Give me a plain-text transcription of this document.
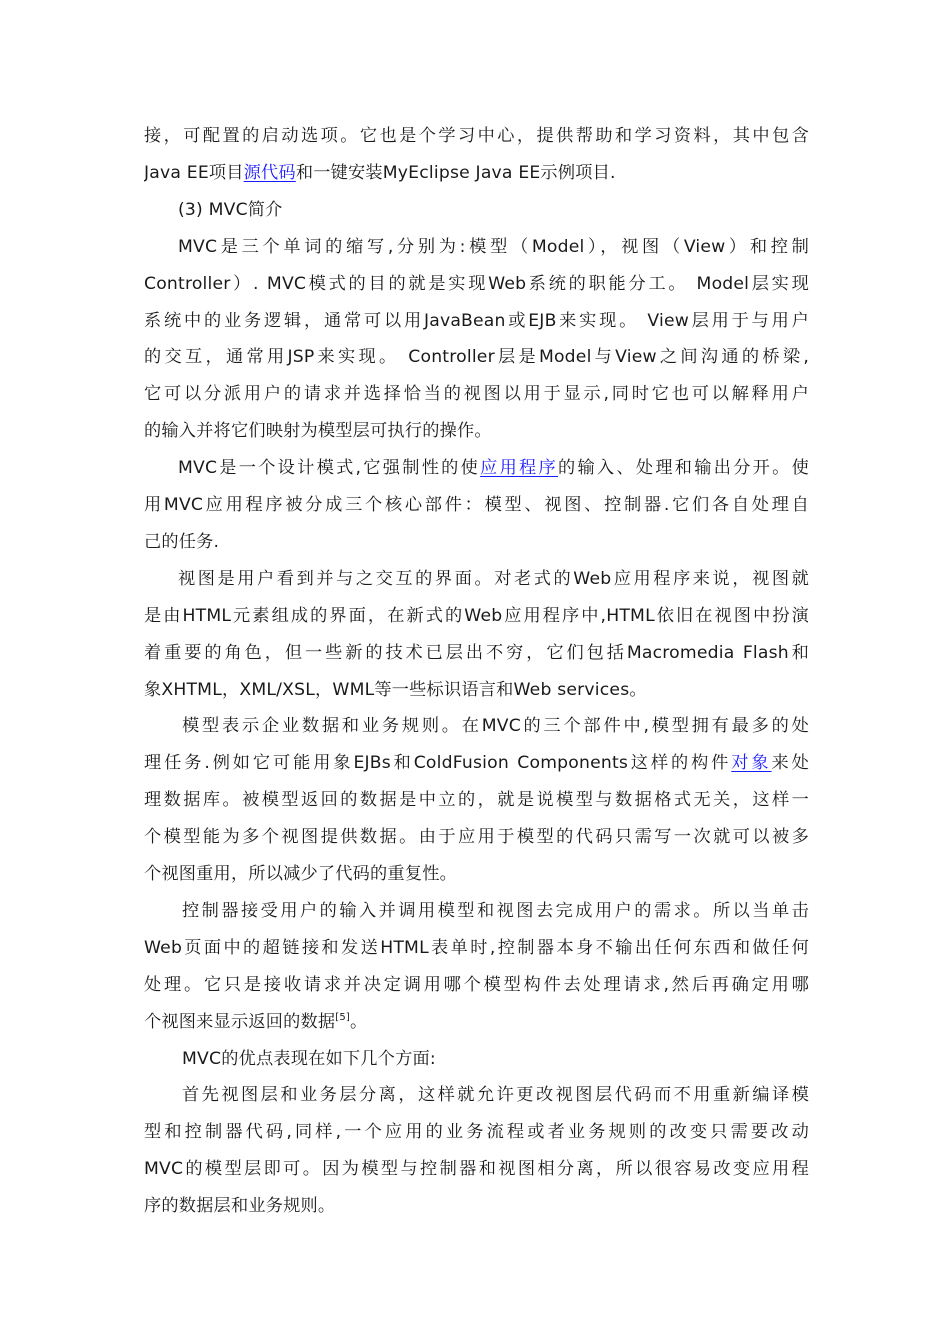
接，可配置的启动选项。它也是个学习中心，提供帮助和学习资料，其中包含
Java EE项目源代码和一键安装MyEclipse Java EE示例项目.
(3) MVC简介
MVC是三个单词的缩写,分别为:模型（Model），视图（View）和控制
Controller）. MVC模式的目的就是实现Web系统的职能分工。 Model层实现
系统中的业务逻辑，通常可以用JavaBean或EJB来实现。 View层用于与用户
的交互，通常用JSP来实现。 Controller层是Model与View之间沟通的桥梁,
它可以分派用户的请求并选择恰当的视图以用于显示,同时它也可以解释用户
的输入并将它们映射为模型层可执行的操作。
MVC是一个设计模式,它强制性的使应用程序的输入、处理和输出分开。使
用MVC应用程序被分成三个核心部件：模型、视图、控制器.它们各自处理自
己的任务.
视图是用户看到并与之交互的界面。对老式的Web应用程序来说，视图就
是由HTML元素组成的界面，在新式的Web应用程序中,HTML依旧在视图中扮演
着重要的角色，但一些新的技术已层出不穷，它们包括Macromedia Flash和
象XHTML，XML/XSL，WML等一些标识语言和Web services。
模型表示企业数据和业务规则。在MVC的三个部件中,模型拥有最多的处
理任务.例如它可能用象EJBs和ColdFusion Components这样的构件对象来处
理数据库。被模型返回的数据是中立的，就是说模型与数据格式无关，这样一
个模型能为多个视图提供数据。由于应用于模型的代码只需写一次就可以被多
个视图重用，所以减少了代码的重复性。
控制器接受用户的输入并调用模型和视图去完成用户的需求。所以当单击
Web页面中的超链接和发送HTML表单时,控制器本身不输出任何东西和做任何
处理。它只是接收请求并决定调用哪个模型构件去处理请求,然后再确定用哪
个视图来显示返回的数据[5]。
MVC的优点表现在如下几个方面:
首先视图层和业务层分离，这样就允许更改视图层代码而不用重新编译模
型和控制器代码,同样,一个应用的业务流程或者业务规则的改变只需要改动
MVC的模型层即可。因为模型与控制器和视图相分离，所以很容易改变应用程
序的数据层和业务规则。
